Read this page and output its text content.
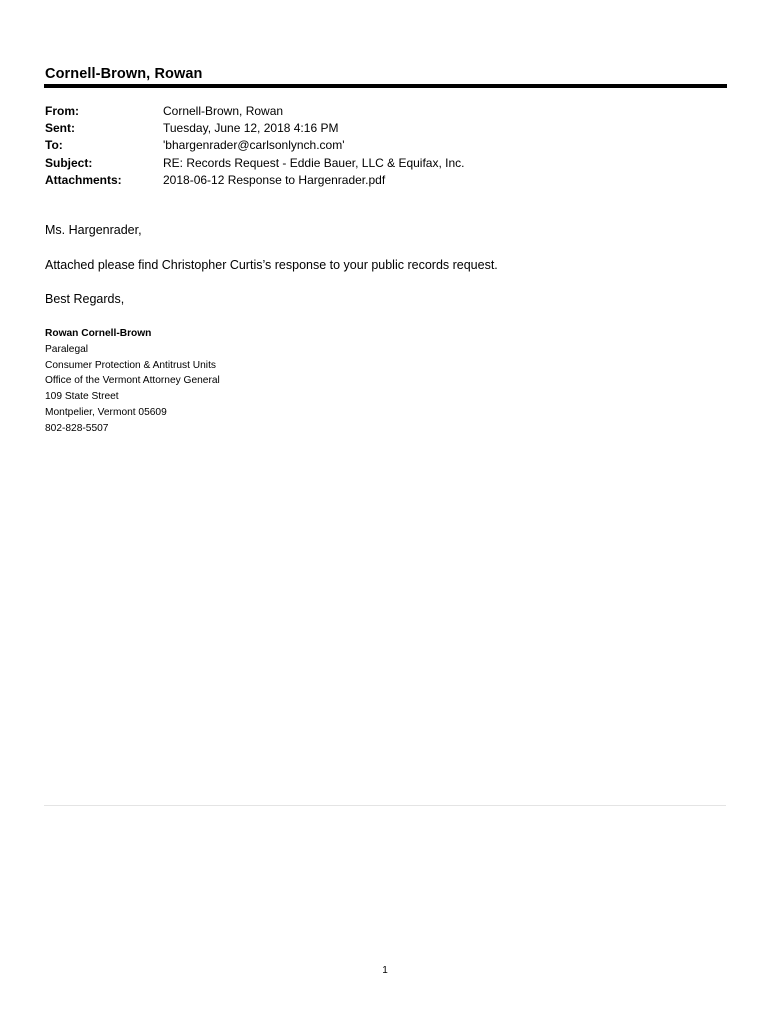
Cornell-Brown, Rowan
From:	Cornell-Brown, Rowan
Sent:	Tuesday, June 12, 2018 4:16 PM
To:	'bhargenrader@carlsonlynch.com'
Subject:	RE: Records Request - Eddie Bauer, LLC & Equifax, Inc.
Attachments:	2018-06-12 Response to Hargenrader.pdf
Ms. Hargenrader,
Attached please find Christopher Curtis’s response to your public records request.
Best Regards,
Rowan Cornell-Brown
Paralegal
Consumer Protection & Antitrust Units
Office of the Vermont Attorney General
109 State Street
Montpelier, Vermont 05609
802-828-5507
1
